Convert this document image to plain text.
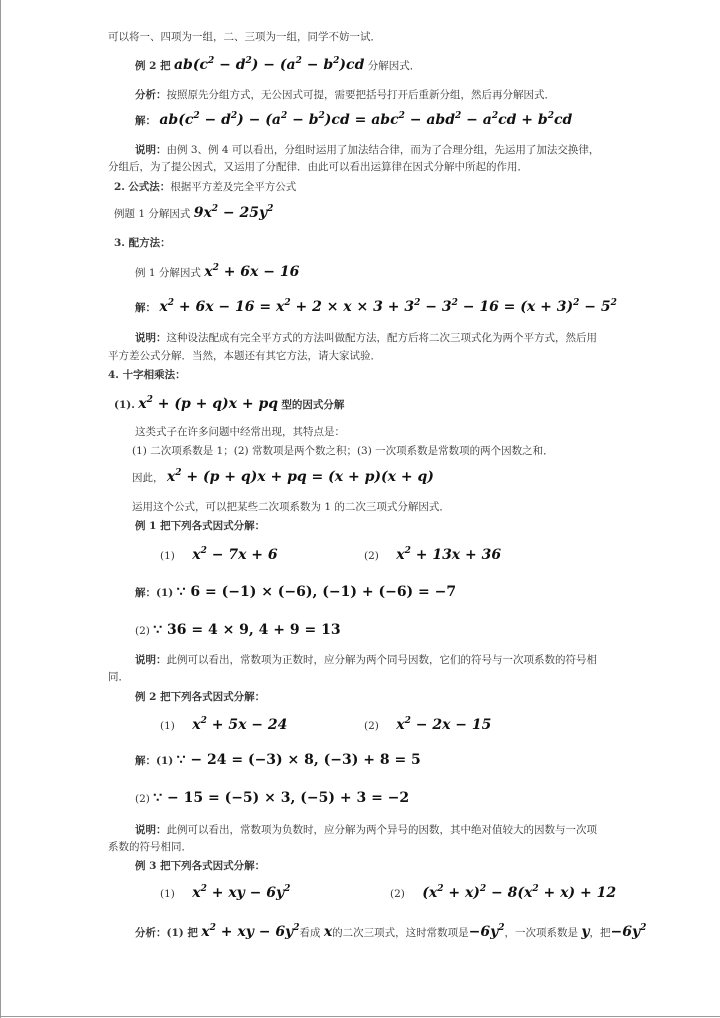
可以将一、四项为一组，二、三项为一组，同学不妨一试．
例 2 把 $ab(c^2 - d^2) - (a^2 - b^2)cd$ 分解因式．
分析：按照原先分组方式，无公因式可提，需要把括号打开后重新分组，然后再分解因式．
解： $ab(c^2 - d^2) - (a^2 - b^2)cd = abc^2 - abd^2 - a^2cd + b^2cd$
说明：由例 3、例 4 可以看出，分组时运用了加法结合律，而为了合理分组，先运用了加法交换律，
分组后，为了提公因式，又运用了分配律．由此可以看出运算律在因式分解中所起的作用．
2. 公式法：根据平方差及完全平方公式
例题 1 分解因式 $9x^2 - 25y^2$
3. 配方法：
例 1 分解因式 $x^2 + 6x - 16$
解： $x^2 + 6x - 16 = x^2 + 2 \times x \times 3 + 3^2 - 3^2 - 16 = (x + 3)^2 - 5^2$
说明：这种设法配成有完全平方式的方法叫做配方法，配方后将二次三项式化为两个平方式，然后用
平方差公式分解．当然，本题还有其它方法，请大家试验．
4. 十字相乘法：
(1). $x^2 + (p + q)x$ + pq 型的因式分解
这类式子在许多问题中经常出现，其特点是：
(1) 二次项系数是 1；(2) 常数项是两个数之积；(3) 一次项系数是常数项的两个因数之和．
因此， $x^2 + (p + q)x$ + pq = (x + p)(x + q)
运用这个公式，可以把某些二次项系数为 1 的二次三项式分解因式．
例 1 把下列各式因式分解：
(1) $x^2 - 7x + 6$	(2) $x^2 + 13x + 36$
解：(1) ∵ 6 = (−1) × (−6), (−1) + (−6) = −7
(2) ∵ 36 = 4 × 9, 4 + 9 = 13
说明：此例可以看出，常数项为正数时，应分解为两个同号因数，它们的符号与一次项系数的符号相
同．
例 2 把下列各式因式分解：
(1) $x^2 + 5x - 24$	(2) $x^2 - 2x - 15$
解：(1) ∵ − 24 = (−3) × 8, (−3) + 8 = 5
(2) ∵ − 15 = (−5) × 3, (−5) + 3 = −2
说明：此例可以看出，常数项为负数时，应分解为两个异号的因数，其中绝对值较大的因数与一次项
系数的符号相同．
例 3 把下列各式因式分解：
(1) $x^2$ + xy − $6y^2$	(2) $(x^2 + x)^2 - 8(x^2 + x) + 12$
分析：(1) 把 $x^2$ + xy − $6y^2$看成 x的二次三项式，这时常数项是$-6y^2$，一次项系数是 y，把$-6y^2$
